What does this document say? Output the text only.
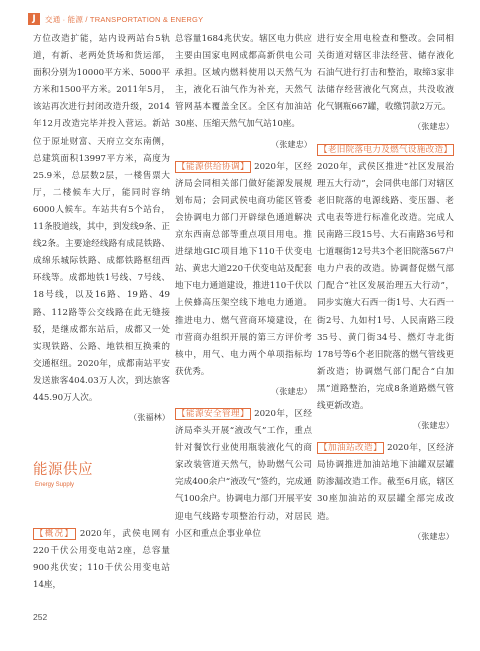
J	交通 · 能源 / TRANSPORTATION & ENERGY

方位改造扩能，站内设两站台5轨道，有新、老两处货场和货运部，面积分别为10000平方米、5000平方米和1500平方米。2011年5月，该站再次进行封闭改造升级，2014年12月改造完毕并投入营运。新站位于原址财富、天府立交东南侧，总建筑面积13997平方米，高度为25.9米，总层数2层，一楼售票大厅，二楼候车大厅，能同时容纳6000人候车。车站共有5个站台，11条股道线，其中，到发线9条、正线2条。主要途经线路有成昆铁路、成绵乐城际铁路、成都铁路枢纽西环线等。成都地铁1号线、7号线、18号线，以及16路、19路、49路、112路等公交线路在此无缝接驳，是继成都东站后，成都又一处实现铁路、公路、地铁相互换乘的交通枢纽。2020年，成都南站平安发送旅客404.03万人次，到达旅客445.90万人次。

（张福林）
能源供应
Energy Supply

【概况】 2020年，武侯电网有220千伏公用变电站2座，总容量900兆伏安；110千伏公用变电站14座，

总容量1684兆伏安。辖区电力供应主要由国家电网成都高新供电公司承担。区域内燃料使用以天然气为主，液化石油气作为补充，天然气管网基本覆盖全区。全区有加油站30座、压缩天然气加气站10座。

（张建忠）

【能源供给协调】 2020年，区经济局会同相关部门做好能源发展规划布局；会同武侯电商功能区管委会协调电力部门开辟绿色通道解决京东西南总部等重点项目用电。推进绿地GIC项目地下110千伏变电站、黄忠大道220千伏变电站及配套地下电力通道建设，推进110千伏以上侯蜂高压架空线下地电力通道。推进电力、燃气营商环境建设，在市营商办组织开展的第三方评价考核中，用气、电力两个单项指标均获优秀。

（张建忠）

【能源安全管理】 2020年，区经济局牵头开展“液改气”工作，重点针对餐饮行业使用瓶装液化气的商家改装管道天然气，协助燃气公司完成400余户“液改气”签约，完成通气100余户。协调电力部门开展平安迎电气线路专项整治行动，对居民小区和重点企事业单位

进行安全用电检查和整改。会同相关街道对辖区非法经营、储存液化石油气进行打击和整治，取缔3家非法储存经营液化气窝点，共没收液化气钢瓶667罐，收缴罚款2万元。

（张建忠）

【老旧院落电力及燃气设施改造】 2020年，武侯区推进“社区发展治理五大行动”，会同供电部门对辖区老旧院落的电源线路、变压器、老式电表等进行标准化改造。完成人民南路三段15号、大石南路36号和七道堰街12号共3个老旧院落567户电力户表的改造。协调督促燃气部门配合“社区发展治理五大行动”，同步实施大石西一街1号、大石西一街2号、九如村1号、人民南路三段35号、黄门街34号、燃灯寺北街178号等6个老旧院落的燃气管线更新改造；协调燃气部门配合“白加黑”道路整治，完成8条道路燃气管线更新改造。

（张建忠）

【加油站改造】 2020年，区经济局协调推进加油站地下油罐双层罐防渗漏改造工作。截至6月底，辖区30座加油站的双层罐全部完成改造。

（张建忠）
252
